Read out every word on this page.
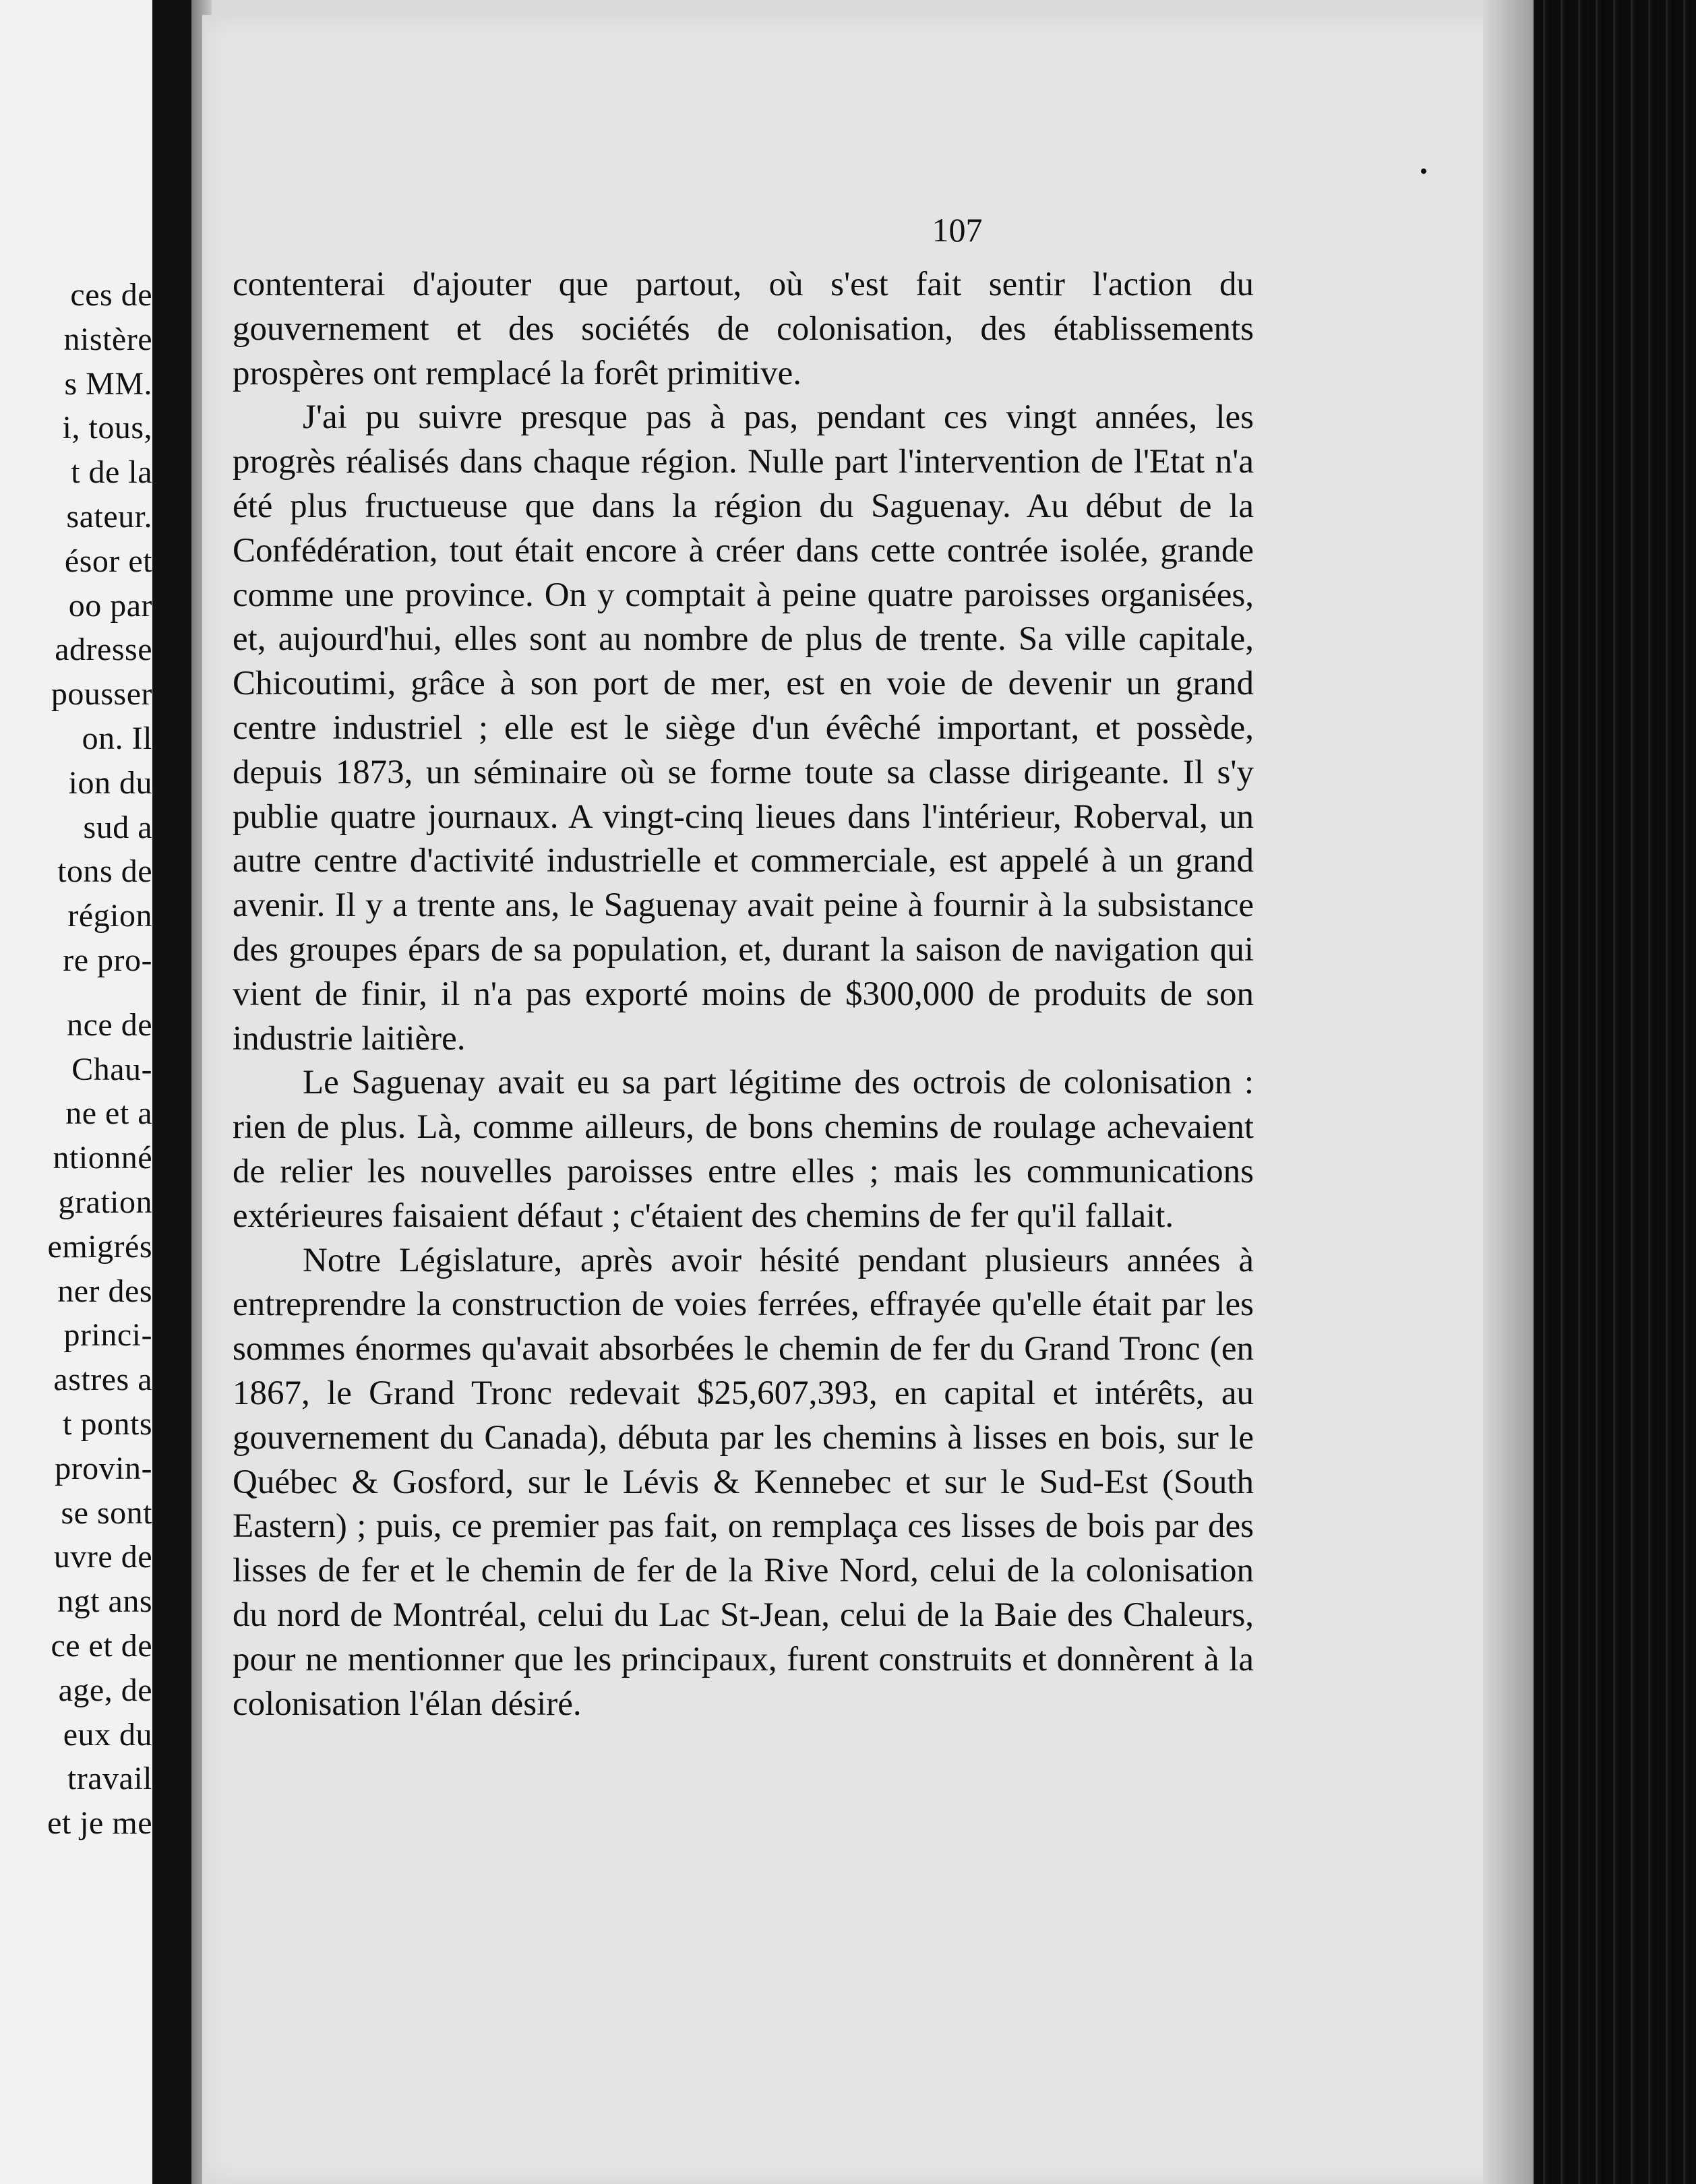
ces de
nistère
s MM.
i, tous,
t de la
sateur.
ésor et
oo par
adresse
pousser
on. Il
ion du
sud a
tons de
région
re pro-
nce de
Chau-
ne et a
ntionné
gration
emigrés
ner des
princi-
astres a
t ponts
provin-
se sont
uvre de
ngt ans
ce et de
age, de
eux du
travail
et je me
107

contenterai d'ajouter que partout, où s'est fait sentir l'action du gouvernement et des sociétés de colonisation, des établissements prospères ont remplacé la forêt primitive.

J'ai pu suivre presque pas à pas, pendant ces vingt années, les progrès réalisés dans chaque région. Nulle part l'intervention de l'Etat n'a été plus fructueuse que dans la région du Saguenay. Au début de la Confédération, tout était encore à créer dans cette contrée isolée, grande comme une province. On y comptait à peine quatre paroisses organisées, et, aujourd'hui, elles sont au nombre de plus de trente. Sa ville capitale, Chicoutimi, grâce à son port de mer, est en voie de devenir un grand centre industriel ; elle est le siège d'un évêché important, et possède, depuis 1873, un séminaire où se forme toute sa classe dirigeante. Il s'y publie quatre journaux. A vingt-cinq lieues dans l'intérieur, Roberval, un autre centre d'activité industrielle et commerciale, est appelé à un grand avenir. Il y a trente ans, le Saguenay avait peine à fournir à la subsistance des groupes épars de sa population, et, durant la saison de navigation qui vient de finir, il n'a pas exporté moins de $300,000 de produits de son industrie laitière.

Le Saguenay avait eu sa part légitime des octrois de colonisation : rien de plus. Là, comme ailleurs, de bons chemins de roulage achevaient de relier les nouvelles paroisses entre elles ; mais les communications extérieures faisaient défaut ; c'étaient des chemins de fer qu'il fallait.

Notre Législature, après avoir hésité pendant plusieurs années à entreprendre la construction de voies ferrées, effrayée qu'elle était par les sommes énormes qu'avait absorbées le chemin de fer du Grand Tronc (en 1867, le Grand Tronc redevait $25,607,393, en capital et intérêts, au gouvernement du Canada), débuta par les chemins à lisses en bois, sur le Québec & Gosford, sur le Lévis & Kennebec et sur le Sud-Est (South Eastern) ; puis, ce premier pas fait, on remplaça ces lisses de bois par des lisses de fer et le chemin de fer de la Rive Nord, celui de la colonisation du nord de Montréal, celui du Lac St-Jean, celui de la Baie des Chaleurs, pour ne mentionner que les principaux, furent construits et donnèrent à la colonisation l'élan désiré.
